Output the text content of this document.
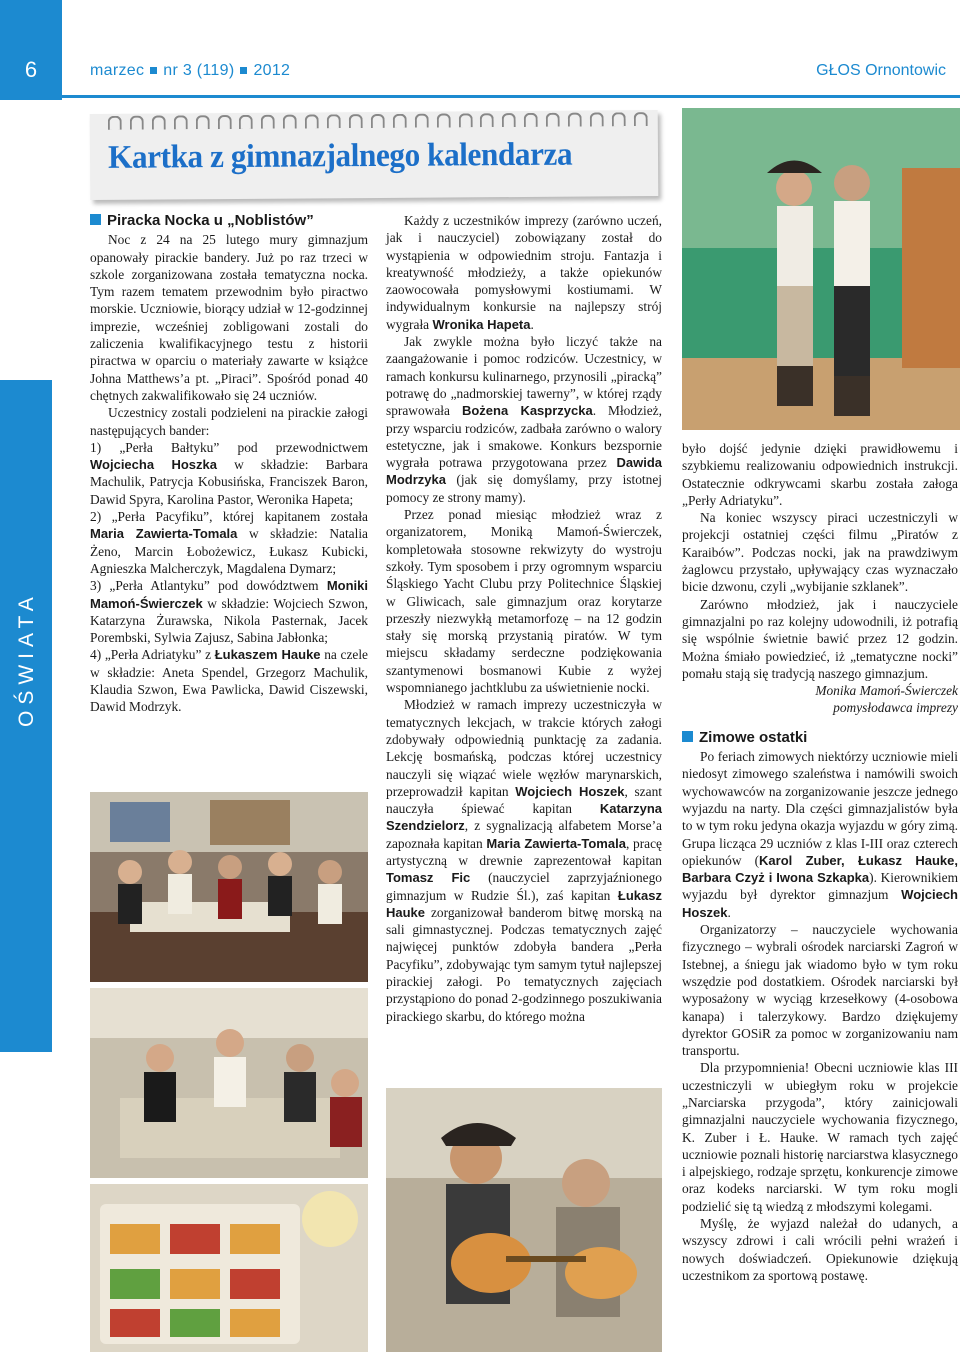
6	marzec nr 3 (119) 2012	GŁOS Ornontowic
OŚWIATA
Kartka z gimnazjalnego kalendarza
Piracka Nocka u „Noblistów”

Noc z 24 na 25 lutego mury gimnazjum opanowały pirackie bandery. Już po raz trzeci w szkole zorganizowana została tematyczna nocka. Tym razem tematem przewodnim było piractwo morskie. Uczniowie, biorący udział w 12-godzinnej imprezie, wcześniej zobligowani zostali do zaliczenia kwalifikacyjnego testu z historii piractwa w oparciu o materiały zawarte w książce Johna Matthews’a pt. „Piraci”. Spośród ponad 40 chętnych zakwalifikowało się 24 uczniów.

Uczestnicy zostali podzieleni na pirackie załogi następujących bander:

1) „Perła Bałtyku” pod przewodnictwem Wojciecha Hoszka w składzie: Barbara Machulik, Patrycja Kobusińska, Franciszek Baron, Dawid Spyra, Karolina Pastor, Weronika Hapeta;

2) „Perła Pacyfiku”, której kapitanem została Maria Zawierta-Tomala w składzie: Natalia Żeno, Marcin Łobożewicz, Łukasz Kubicki, Agnieszka Malcherczyk, Magdalena Dymarz;

3) „Perła Atlantyku” pod dowództwem Moniki Mamoń-Świerczek w składzie: Wojciech Szwon, Katarzyna Żurawska, Nikola Pasternak, Jacek Porembski, Sylwia Zajusz, Sabina Jabłonka;

4) „Perła Adriatyku” z Łukaszem Hauke na czele w składzie: Aneta Spendel, Grzegorz Machulik, Klaudia Szwon, Ewa Pawlicka, Dawid Ciszewski, Dawid Modrzyk.

Każdy z uczestników imprezy (zarówno uczeń, jak i nauczyciel) zobowiązany został do wystąpienia w odpowiednim stroju. Fantazja i kreatywność młodzieży, a także opiekunów zaowocowała pomysłowymi kostiumami. W indywidualnym konkursie na najlepszy strój wygrała Wronika Hapeta.

Jak zwykle można było liczyć także na zaangażowanie i pomoc rodziców. Uczestnicy, w ramach konkursu kulinarnego, przynosili „piracką” potrawę do „nadmorskiej tawerny”, w której rządy sprawowała Bożena Kasprzycka. Młodzież, przy wsparciu rodziców, zadbała zarówno o walory estetyczne, jak i smakowe. Konkurs bezspornie wygrała potrawa przygotowana przez Dawida Modrzyka (jak się domyślamy, przy istotnej pomocy ze strony mamy).

Przez ponad miesiąc młodzież wraz z organizatorem, Moniką Mamoń-Świerczek, kompletowała stosowne rekwizyty do wystroju szkoły. Tym sposobem i przy ogromnym wsparciu Śląskiego Yacht Clubu przy Politechnice Śląskiej w Gliwicach, sale gimnazjum oraz korytarze przeszły niezwykłą metamorfozę – na 12 godzin stały się morską przystanią piratów. W tym miejscu składamy serdeczne podziękowania szantymenowi bosmanowi Kubie z wyżej wspomnianego jachtklubu za uświetnienie nocki.

Młodzież w ramach imprezy uczestniczyła w tematycznych lekcjach, w trakcie których załogi zdobywały odpowiednią punktację za zadania. Lekcję bosmańską, podczas której uczestnicy nauczyli się wiązać wiele węzłów marynarskich, przeprowadził kapitan Wojciech Hoszek, szant nauczyła śpiewać kapitan Katarzyna Szendzielorz, z sygnalizacją alfabetem Morse’a zapoznała kapitan Maria Zawierta-Tomala, pracę artystyczną w drewnie zaprezentował kapitan Tomasz Fic (nauczyciel zaprzyjaźnionego gimnazjum w Rudzie Śl.), zaś kapitan Łukasz Hauke zorganizował banderom bitwę morską na sali gimnastycznej. Podczas tematycznych zajęć najwięcej punktów zdobyła bandera „Perła Pacyfiku”, zdobywając tym samym tytuł najlepszej pirackiej załogi. Po tematycznych zajęciach przystąpiono do ponad 2-godzinnego poszukiwania pirackiego skarbu, do którego można

było dojść jedynie dzięki prawidłowemu i szybkiemu realizowaniu odpowiednich instrukcji. Ostatecznie odkrywcami skarbu została załoga „Perły Adriatyku”.

Na koniec wszyscy piraci uczestniczyli w projekcji ostatniej części filmu „Piratów z Karaibów”. Podczas nocki, jak na prawdziwym żaglowcu przystało, upływający czas wyznaczało bicie dzwonu, czyli „wybijanie szklanek”.

Zarówno młodzież, jak i nauczyciele gimnazjalni po raz kolejny udowodnili, iż potrafią się wspólnie świetnie bawić przez 12 godzin. Można śmiało powiedzieć, iż „tematyczne nocki” pomału stają się tradycją naszego gimnazjum.

Monika Mamoń-Świerczek

pomysłodawca imprezy

Zimowe ostatki

Po feriach zimowych niektórzy uczniowie mieli niedosyt zimowego szaleństwa i namówili swoich wychowawców na zorganizowanie jeszcze jednego wyjazdu na narty. Dla części gimnazjalistów była to w tym roku jedyna okazja wyjazdu w góry zimą. Grupa licząca 29 uczniów z klas I-III oraz czterech opiekunów (Karol Zuber, Łukasz Hauke, Barbara Czyż i Iwona Szkapka). Kierownikiem wyjazdu był dyrektor gimnazjum Wojciech Hoszek.

Organizatorzy – nauczyciele wychowania fizycznego – wybrali ośrodek narciarski Zagroń w Istebnej, a śniegu jak wiadomo było w tym roku wszędzie pod dostatkiem. Ośrodek narciarski był wyposażony w wyciąg krzesełkowy (4-osobowa kanapa) i talerzykowy. Bardzo dziękujemy dyrektor GOSiR za pomoc w zorganizowaniu nam transportu.

Dla przypomnienia! Obecni uczniowie klas III uczestniczyli w ubiegłym roku w projekcie „Narciarska przygoda”, który zainicjowali gimnazjalni nauczyciele wychowania fizycznego, K. Zuber i Ł. Hauke. W ramach tych zajęć uczniowie poznali historię narciarstwa klasycznego i alpejskiego, rodzaje sprzętu, konkurencje zimowe oraz kodeks narciarski. W tym roku mogli podzielić się tą wiedzą z młodszymi kolegami.

Myślę, że wyjazd należał do udanych, a wszyscy zdrowi i cali wrócili pełni wrażeń i nowych doświadczeń. Opiekunowie dziękują uczestnikom za sportową postawę.
